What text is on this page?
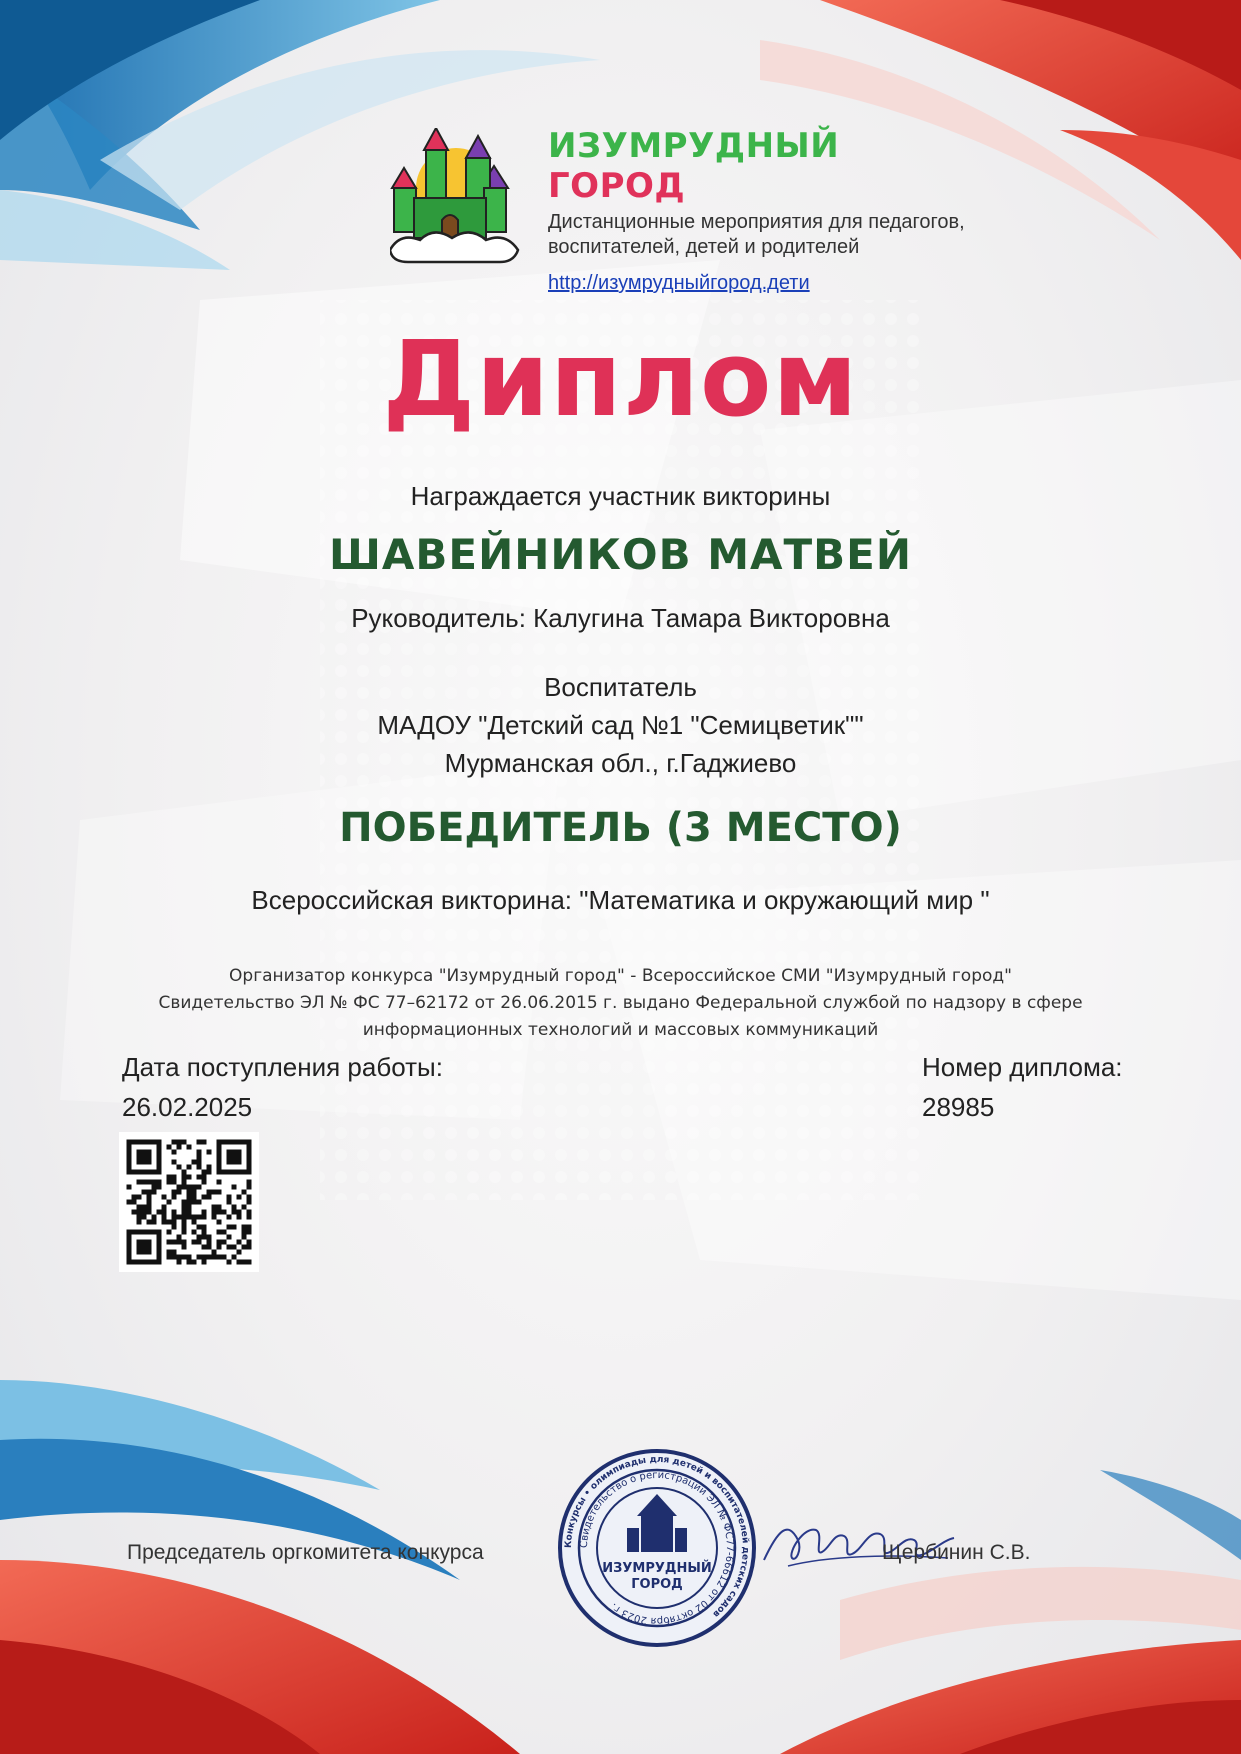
ИЗУМРУДНЫЙ

ГОРОД

Дистанционные мероприятия для педагогов, воспитателей, детей и родителей

http://изумрудныйгород.дети
Диплом

Награждается участник викторины

ШАВЕЙНИКОВ МАТВЕЙ

Руководитель: Калугина Тамара Викторовна

Воспитатель

МАДОУ "Детский сад №1 "Семицветик""

Мурманская обл., г.Гаджиево

ПОБЕДИТЕЛЬ (3 МЕСТО)

Всероссийская викторина: "Математика и окружающий мир "

Организатор конкурса "Изумрудный город" - Всероссийское СМИ "Изумрудный город"
Свидетельство ЭЛ № ФС 77–62172 от 26.06.2015 г. выдано Федеральной службой по надзору в сфере
информационных технологий и массовых коммуникаций

Дата поступления работы:

26.02.2025

Номер диплома:

28985

Председатель оргкомитета конкурса	Конкурсы • олимпиады для детей и воспитателей детских садов
Свидетельство о регистрации ЭЛ № ФС77-66612 от 02 октября 2023 г.
ИЗУМРУДНЫЙ
ГОРОД

Щербинин С.В.
